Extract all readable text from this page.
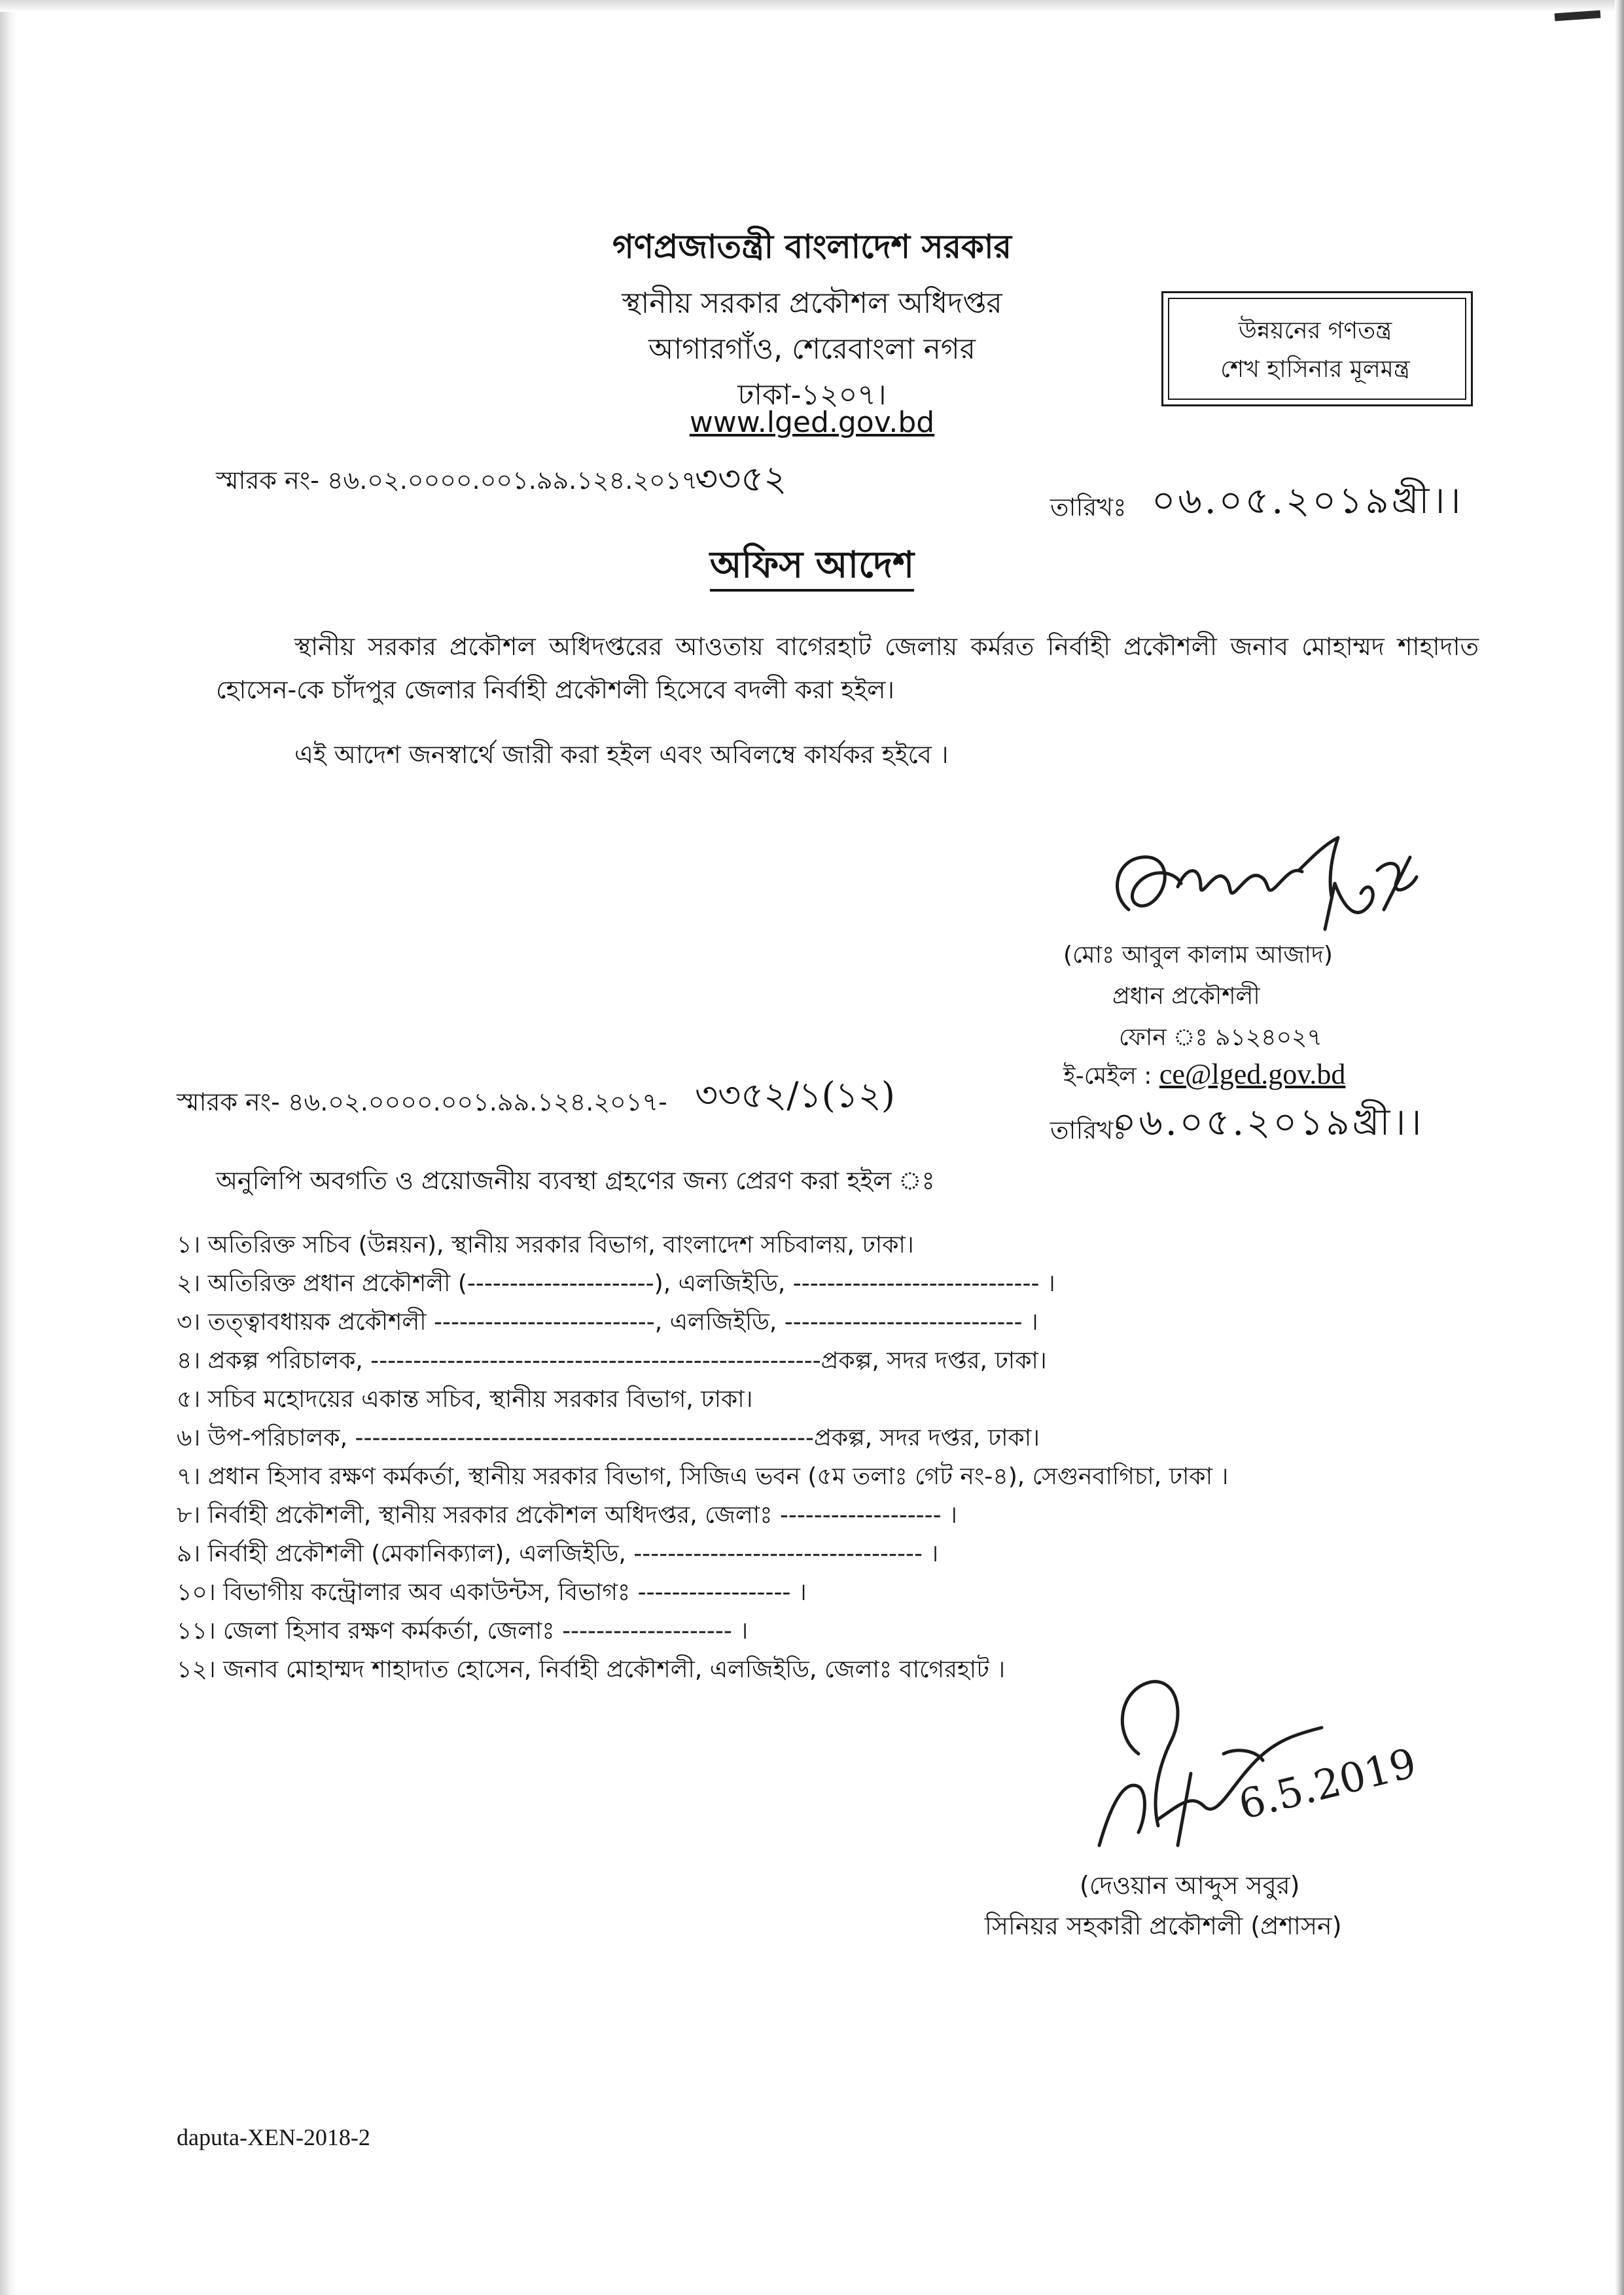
গণপ্রজাতন্ত্রী বাংলাদেশ সরকার
স্থানীয় সরকার প্রকৌশল অধিদপ্তর
আগারগাঁও, শেরেবাংলা নগর
ঢাকা-১২০৭।
www.lged.gov.bd
উন্নয়নের গণতন্ত্র
শেখ হাসিনার মূলমন্ত্র
স্মারক নং- ৪৬.০২.০০০০.০০১.৯৯.১২৪.২০১৭-
৩৩৫২
তারিখঃ ০৬.০৫.২০১৯খ্রী।।
অফিস আদেশ
স্থানীয় সরকার প্রকৌশল অধিদপ্তরের আওতায় বাগেরহাট জেলায় কর্মরত নির্বাহী প্রকৌশলী জনাব মোহাম্মদ শাহাদাত হোসেন-কে চাঁদপুর জেলার নির্বাহী প্রকৌশলী হিসেবে বদলী করা হইল।
এই আদেশ জনস্বার্থে জারী করা হইল এবং অবিলম্বে কার্যকর হইবে ।
(মোঃ আবুল কালাম আজাদ)
প্রধান প্রকৌশলী
ফোন ঃ ৯১২৪০২৭
ই-মেইল : ce@lged.gov.bd
স্মারক নং- ৪৬.০২.০০০০.০০১.৯৯.১২৪.২০১৭- ৩৩৫২/১(১২)
তারিখঃ
০৬.০৫.২০১৯খ্রী।।
অনুলিপি অবগতি ও প্রয়োজনীয় ব্যবস্থা গ্রহণের জন্য প্রেরণ করা হইল ঃ
১। অতিরিক্ত সচিব (উন্নয়ন), স্থানীয় সরকার বিভাগ, বাংলাদেশ সচিবালয়, ঢাকা।
২। অতিরিক্ত প্রধান প্রকৌশলী (----------------------), এলজিইডি, ----------------------------- ।
৩। তত্ত্বাবধায়ক প্রকৌশলী --------------------------, এলজিইডি, ---------------------------- ।
৪। প্রকল্প পরিচালক, -----------------------------------------------------প্রকল্প, সদর দপ্তর, ঢাকা।
৫। সচিব মহোদয়ের একান্ত সচিব, স্থানীয় সরকার বিভাগ, ঢাকা।
৬। উপ-পরিচালক, ------------------------------------------------------প্রকল্প, সদর দপ্তর, ঢাকা।
৭। প্রধান হিসাব রক্ষণ কর্মকর্তা, স্থানীয় সরকার বিভাগ, সিজিএ ভবন (৫ম তলাঃ গেট নং-৪), সেগুনবাগিচা, ঢাকা ।
৮। নির্বাহী প্রকৌশলী, স্থানীয় সরকার প্রকৌশল অধিদপ্তর, জেলাঃ ------------------- ।
৯। নির্বাহী প্রকৌশলী (মেকানিক্যাল), এলজিইডি, ---------------------------------- ।
১০। বিভাগীয় কন্ট্রোলার অব একাউন্টস, বিভাগঃ ------------------ ।
১১। জেলা হিসাব রক্ষণ কর্মকর্তা, জেলাঃ -------------------- ।
১২। জনাব মোহাম্মদ শাহাদাত হোসেন, নির্বাহী প্রকৌশলী, এলজিইডি, জেলাঃ বাগেরহাট ।
6.5.2019
(দেওয়ান আব্দুস সবুর)
সিনিয়র সহকারী প্রকৌশলী (প্রশাসন)
daputa-XEN-2018-2
